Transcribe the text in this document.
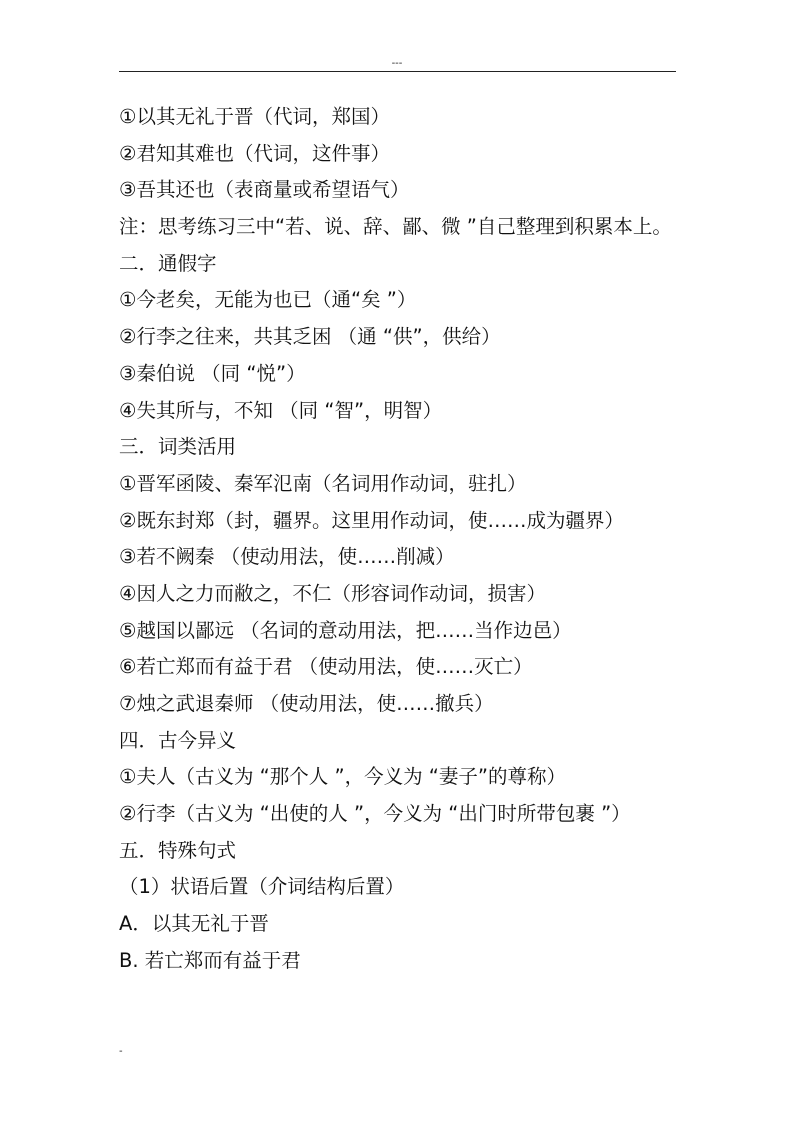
---
①以其无礼于晋（代词，郑国）
②君知其难也（代词，这件事）
③吾其还也（表商量或希望语气）
注：思考练习三中“若、说、辞、鄙、微 ”自己整理到积累本上。
二．通假字
①今老矣，无能为也已（通“矣 ”）
②行李之往来，共其乏困 （通 “供”，供给）
③秦伯说 （同 “悦”）
④失其所与，不知 （同 “智”，明智）
三．词类活用
①晋军函陵、秦军氾南（名词用作动词，驻扎）
②既东封郑（封，疆界。这里用作动词，使……成为疆界）
③若不阙秦 （使动用法，使……削减）
④因人之力而敝之，不仁（形容词作动词，损害）
⑤越国以鄙远 （名词的意动用法，把……当作边邑）
⑥若亡郑而有益于君 （使动用法，使……灭亡）
⑦烛之武退秦师 （使动用法，使……撤兵）
四．古今异义
①夫人（古义为 “那个人 ”，今义为 “妻子”的尊称）
②行李（古义为 “出使的人 ”，今义为 “出门时所带包裹 ”）
五．特殊句式
（1）状语后置（介词结构后置）
A．以其无礼于晋
B. 若亡郑而有益于君
-
